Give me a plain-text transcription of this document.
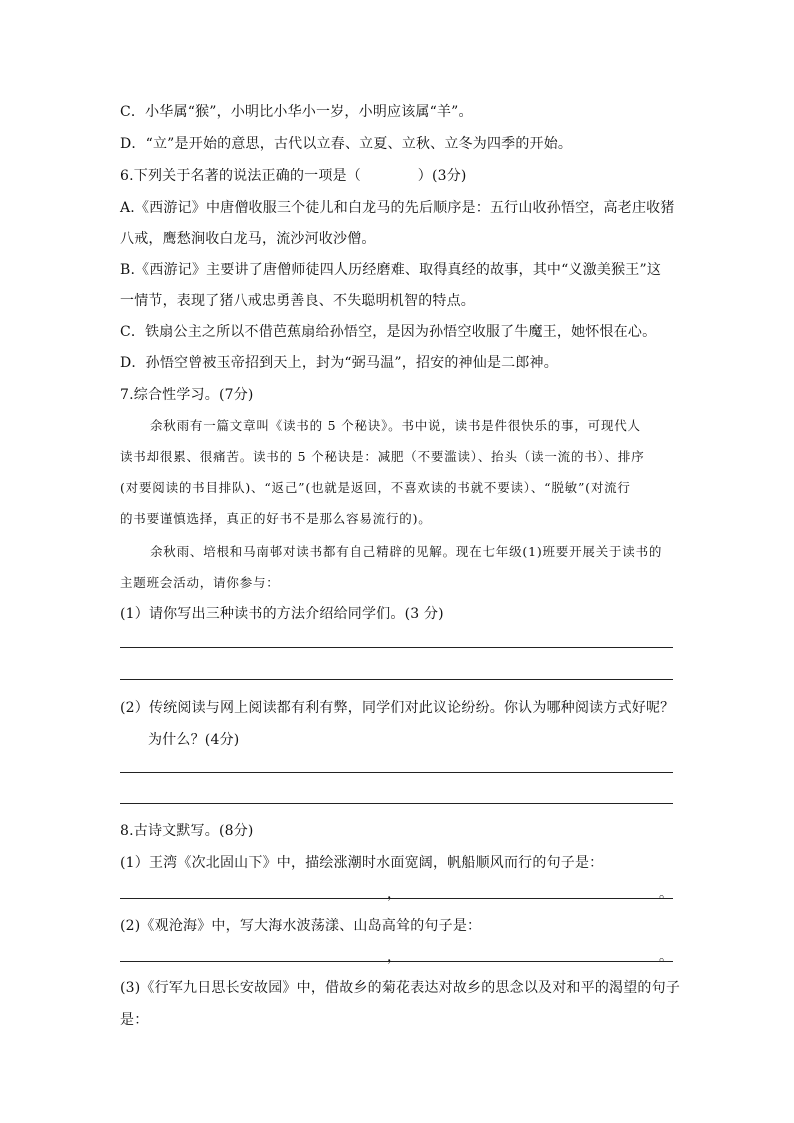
C．小华属“猴”，小明比小华小一岁，小明应该属“羊”。
D．“立”是开始的意思，古代以立春、立夏、立秋、立冬为四季的开始。
6.下列关于名著的说法正确的一项是（　　　　）(3分)
A.《西游记》中唐僧收服三个徒儿和白龙马的先后顺序是：五行山收孙悟空，高老庄收猪
八戒，鹰愁涧收白龙马，流沙河收沙僧。
B.《西游记》主要讲了唐僧师徒四人历经磨难、取得真经的故事，其中“义激美猴王”这
一情节，表现了猪八戒忠勇善良、不失聪明机智的特点。
C．铁扇公主之所以不借芭蕉扇给孙悟空，是因为孙悟空收服了牛魔王，她怀恨在心。
D．孙悟空曾被玉帝招到天上，封为“弼马温”，招安的神仙是二郎神。
7.综合性学习。(7分)
余秋雨有一篇文章叫《读书的 5 个秘诀》。书中说，读书是件很快乐的事，可现代人
读书却很累、很痛苦。读书的 5 个秘诀是：减肥（不要滥读）、抬头（读一流的书）、排序
(对要阅读的书目排队)、“返己”(也就是返回，不喜欢读的书就不要读）、“脱敏”(对流行
的书要谨慎选择，真正的好书不是那么容易流行的)。
余秋雨、培根和马南邨对读书都有自己精辟的见解。现在七年级(1)班要开展关于读书的
主题班会活动，请你参与：
(1）请你写出三种读书的方法介绍给同学们。(3 分)
(2）传统阅读与网上阅读都有利有弊，同学们对此议论纷纷。你认为哪种阅读方式好呢？
为什么？(4分)
8.古诗文默写。(8分)
(1）王湾《次北固山下》中，描绘涨潮时水面宽阔，帆船顺风而行的句子是：
，	。
(2)《观沧海》中，写大海水波荡漾、山岛高耸的句子是：
，	。
(3)《行军九日思长安故园》中，借故乡的菊花表达对故乡的思念以及对和平的渴望的句子
是：
